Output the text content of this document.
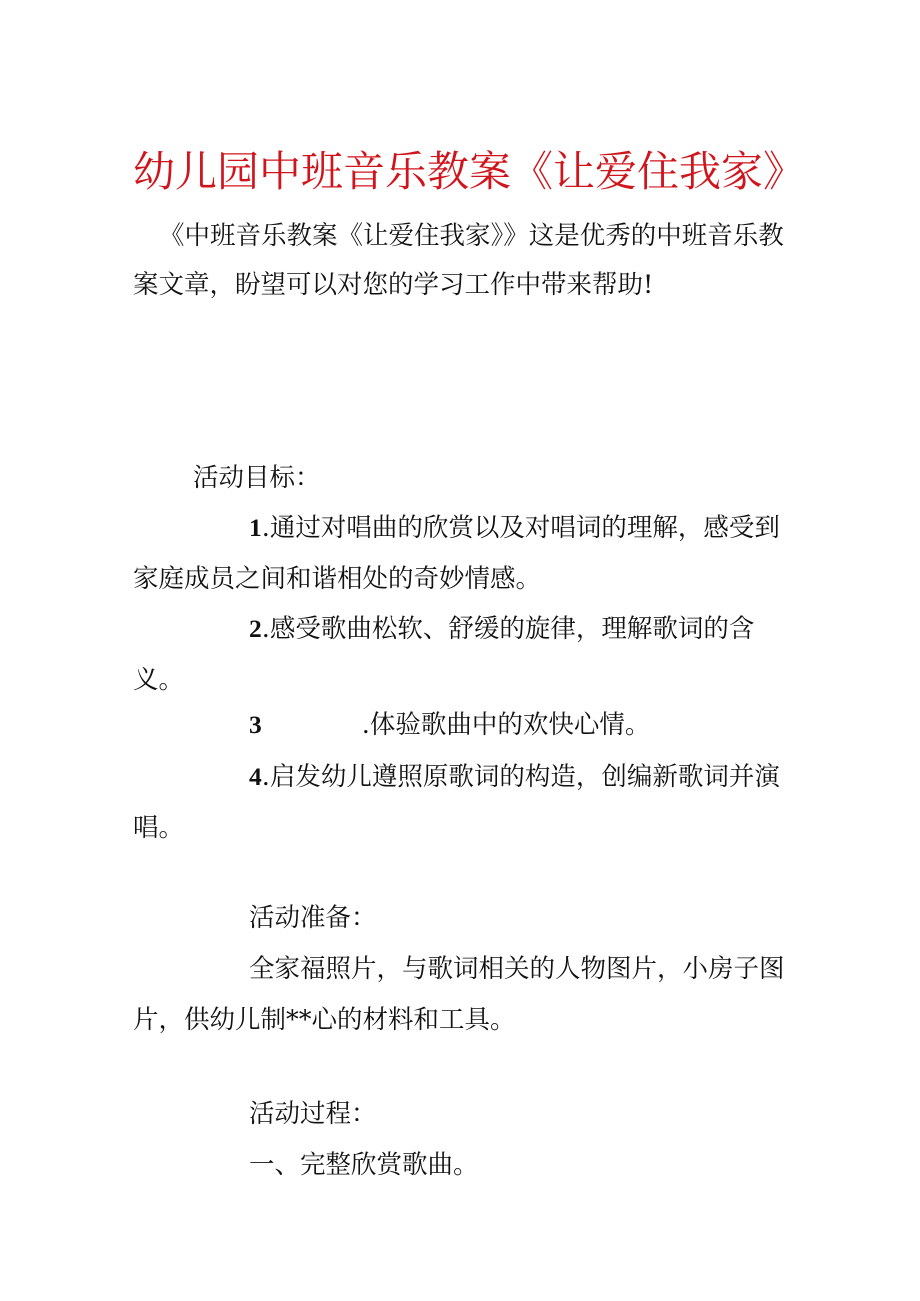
幼儿园中班音乐教案《让爱住我家》

《中班音乐教案《让爱住我家》》这是优秀的中班音乐教案文章，盼望可以对您的学习工作中带来帮助!

活动目标：

1.通过对唱曲的欣赏以及对唱词的理解，感受到家庭成员之间和谐相处的奇妙情感。

2.感受歌曲松软、舒缓的旋律，理解歌词的含义。

3	.体验歌曲中的欢快心情。

4.启发幼儿遵照原歌词的构造，创编新歌词并演唱。

活动准备：

全家福照片，与歌词相关的人物图片，小房子图片，供幼儿制**心的材料和工具。

活动过程：

一、完整欣赏歌曲。
